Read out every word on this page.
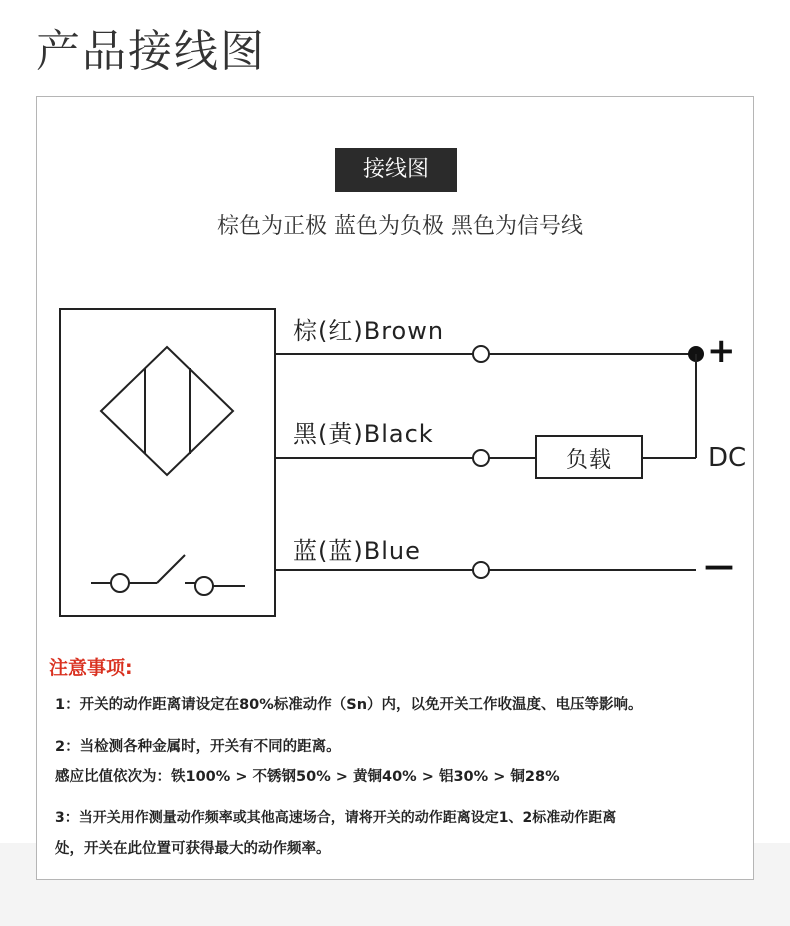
产品接线图
接线图
棕色为正极 蓝色为负极 黑色为信号线
棕(红)Brown
黑(黄)Black
蓝(蓝)Blue
负载
+
DC
—
注意事项:
1：开关的动作距离请设定在80%标准动作（Sn）内，以免开关工作收温度、电压等影响。
2：当检测各种金属时，开关有不同的距离。
感应比值依次为：铁100% > 不锈钢50% > 黄铜40% > 铝30% > 铜28%
3：当开关用作测量动作频率或其他高速场合，请将开关的动作距离设定1、2标准动作距离
处，开关在此位置可获得最大的动作频率。
